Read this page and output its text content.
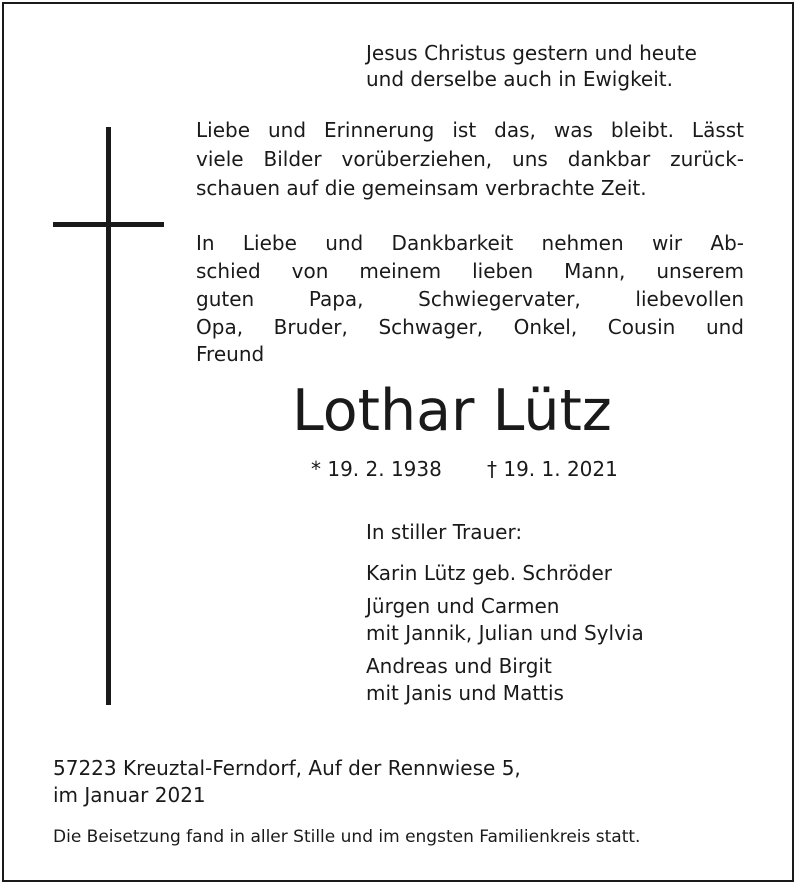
Jesus Christus gestern und heute
und derselbe auch in Ewigkeit.
Liebe und Erinnerung ist das, was bleibt. Lässt
viele Bilder vorüberziehen, uns dankbar zurück-
schauen auf die gemeinsam verbrachte Zeit.
In Liebe und Dankbarkeit nehmen wir Ab-
schied von meinem lieben Mann, unserem
guten Papa, Schwiegervater, liebevollen
Opa, Bruder, Schwager, Onkel, Cousin und
Freund
Lothar Lütz
* 19. 2. 1938 † 19. 1. 2021
In stiller Trauer:
Karin Lütz geb. Schröder
Jürgen und Carmen
mit Jannik, Julian und Sylvia
Andreas und Birgit
mit Janis und Mattis
57223 Kreuztal-Ferndorf, Auf der Rennwiese 5,
im Januar 2021
Die Beisetzung fand in aller Stille und im engsten Familienkreis statt.
